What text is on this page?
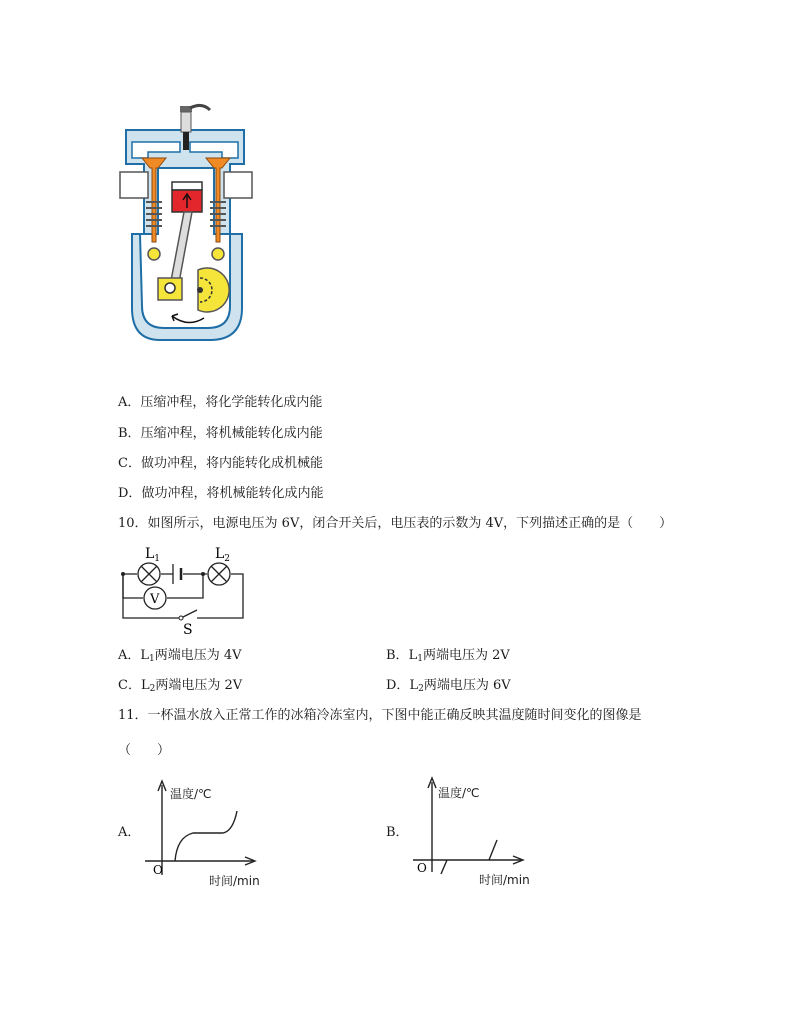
A．压缩冲程，将化学能转化成内能
B．压缩冲程，将机械能转化成内能
C．做功冲程，将内能转化成机械能
D．做功冲程，将机械能转化成内能
10．如图所示，电源电压为 6V，闭合开关后，电压表的示数为 4V，下列描述正确的是（　　）
$L_1$	$L_2$
V
S
A．$L_1$两端电压为 4V	B．$L_1$两端电压为 2V
C．$L_2$两端电压为 2V	D．$L_2$两端电压为 6V
11．一杯温水放入正常工作的冰箱冷冻室内，下图中能正确反映其温度随时间变化的图像是
（　　）
A．
O
温度/℃
时间/min
B．
O
温度/℃
时间/min
